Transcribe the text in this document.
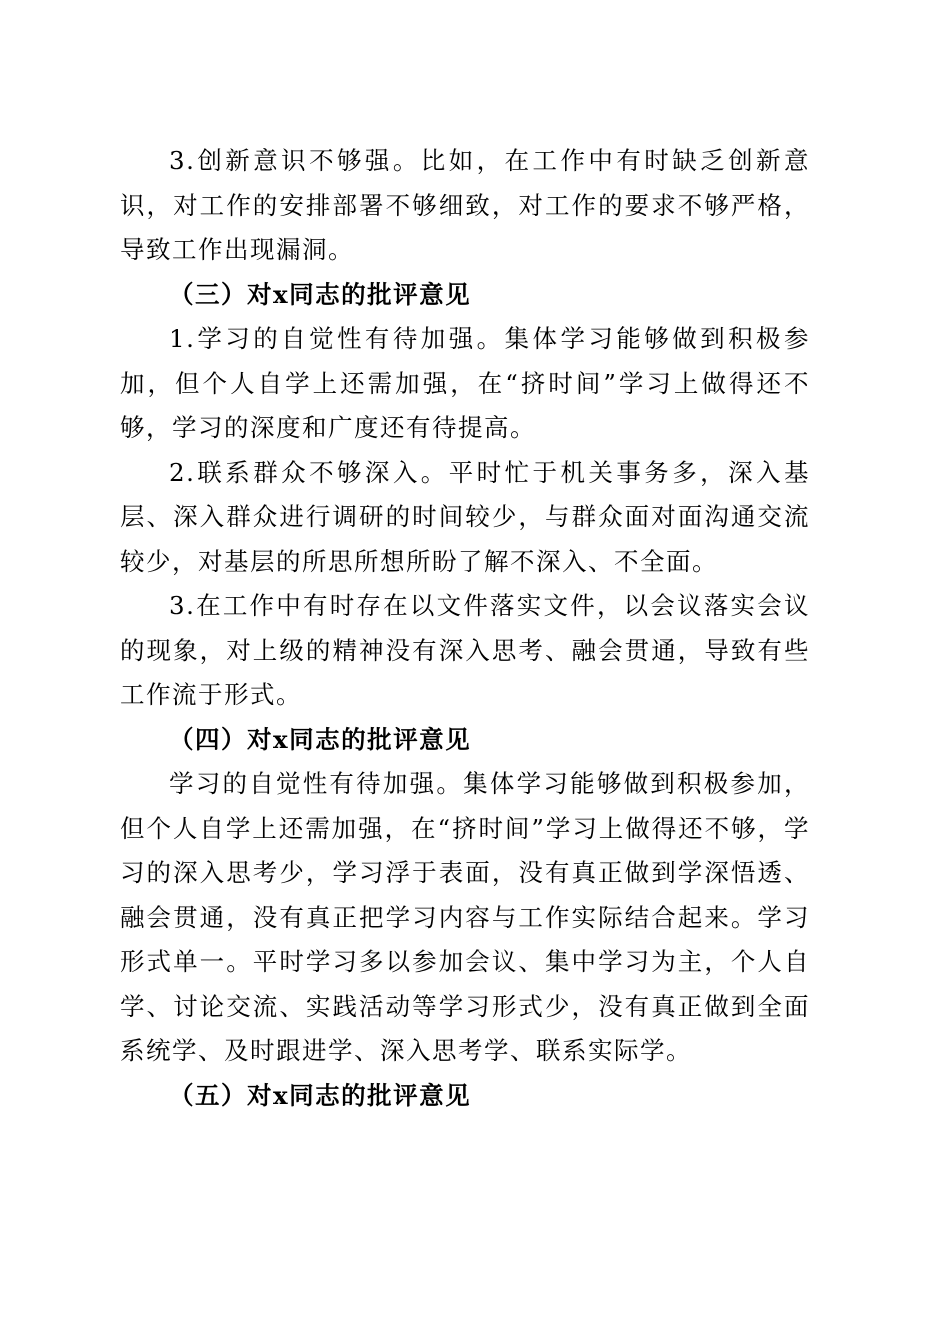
3.创新意识不够强。比如，在工作中有时缺乏创新意识，对工作的安排部署不够细致，对工作的要求不够严格，导致工作出现漏洞。

（三）对x同志的批评意见

1.学习的自觉性有待加强。集体学习能够做到积极参加，但个人自学上还需加强，在“挤时间”学习上做得还不够，学习的深度和广度还有待提高。

2.联系群众不够深入。平时忙于机关事务多，深入基层、深入群众进行调研的时间较少，与群众面对面沟通交流较少，对基层的所思所想所盼了解不深入、不全面。

3.在工作中有时存在以文件落实文件，以会议落实会议的现象，对上级的精神没有深入思考、融会贯通，导致有些工作流于形式。

（四）对x同志的批评意见

学习的自觉性有待加强。集体学习能够做到积极参加，但个人自学上还需加强，在“挤时间”学习上做得还不够，学习的深入思考少，学习浮于表面，没有真正做到学深悟透、融会贯通，没有真正把学习内容与工作实际结合起来。学习形式单一。平时学习多以参加会议、集中学习为主，个人自学、讨论交流、实践活动等学习形式少，没有真正做到全面系统学、及时跟进学、深入思考学、联系实际学。

（五）对x同志的批评意见
